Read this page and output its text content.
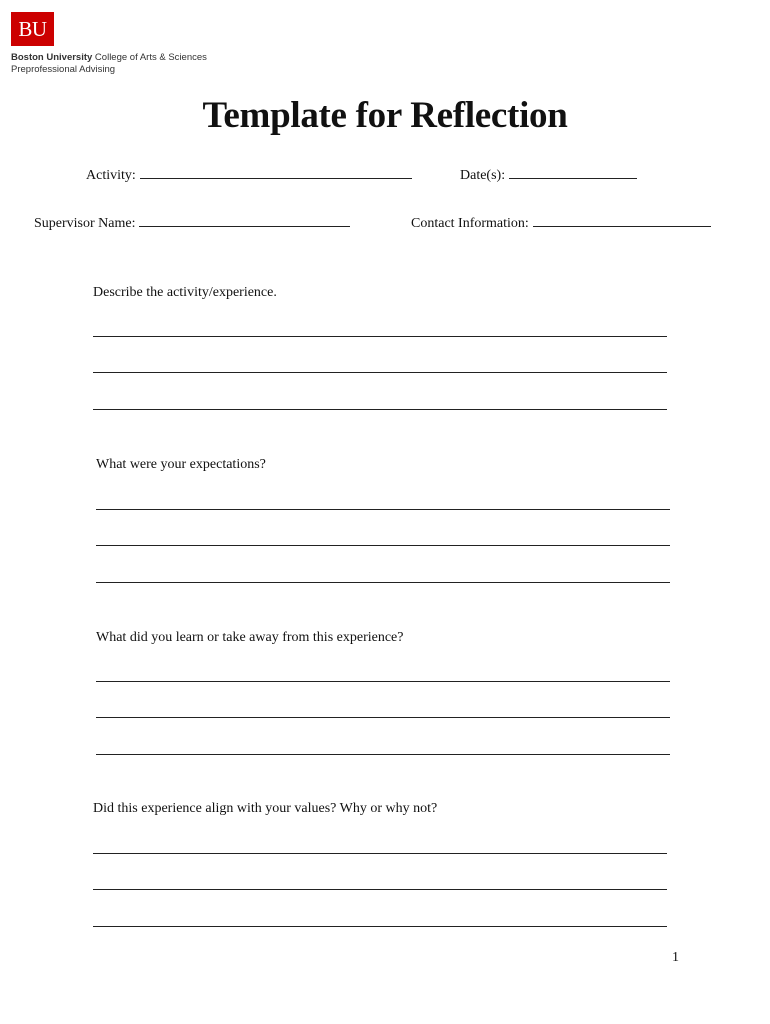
BU
Boston University College of Arts & Sciences
Preprofessional Advising
Template for Reflection
Activity:	Date(s):
Supervisor Name:	Contact Information:
Describe the activity/experience.
What were your expectations?
What did you learn or take away from this experience?
Did this experience align with your values? Why or why not?
1
